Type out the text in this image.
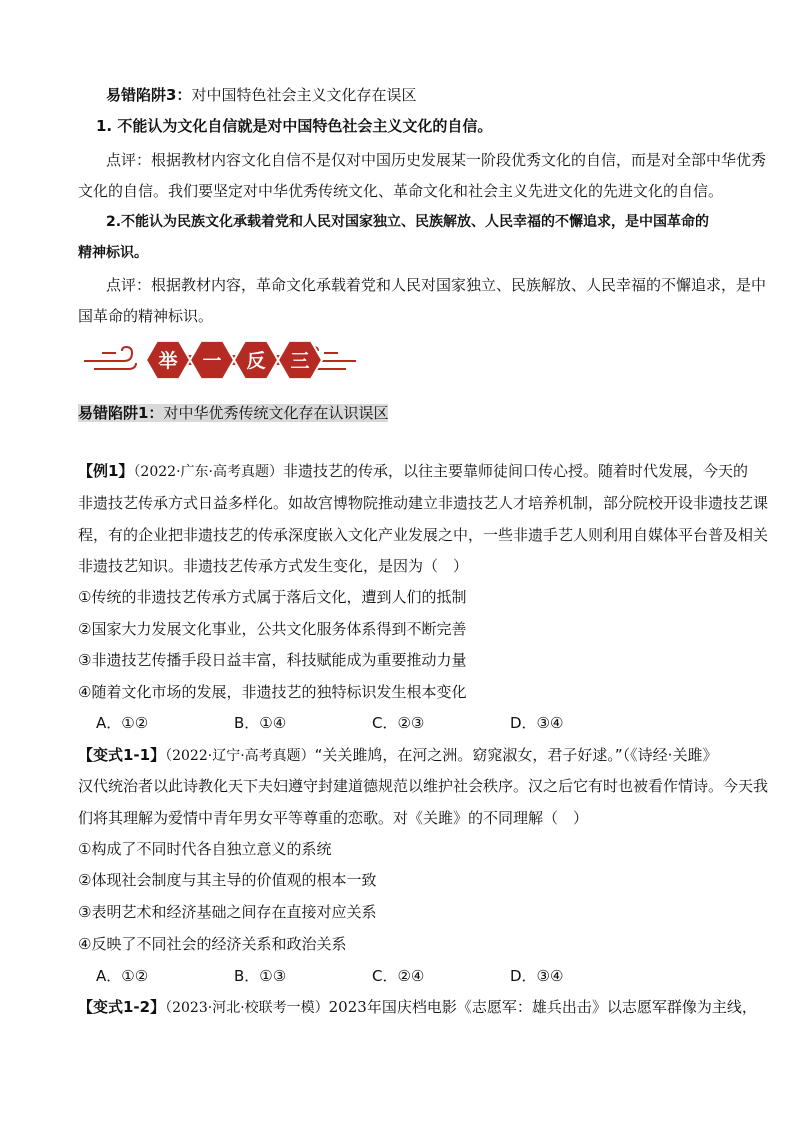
易错陷阱3：对中国特色社会主义文化存在误区
1. 不能认为文化自信就是对中国特色社会主义文化的自信。
点评：根据教材内容文化自信不是仅对中国历史发展某一阶段优秀文化的自信，而是对全部中华优秀
文化的自信。我们要坚定对中华优秀传统文化、革命文化和社会主义先进文化的先进文化的自信。
2.不能认为民族文化承载着党和人民对国家独立、民族解放、人民幸福的不懈追求，是中国革命的
精神标识。
点评：根据教材内容，革命文化承载着党和人民对国家独立、民族解放、人民幸福的不懈追求，是中
国革命的精神标识。
举 一 反 三
易错陷阱1：对中华优秀传统文化存在认识误区
【例1】（2022·广东·高考真题）非遗技艺的传承，以往主要靠师徒间口传心授。随着时代发展，今天的
非遗技艺传承方式日益多样化。如故宫博物院推动建立非遗技艺人才培养机制，部分院校开设非遗技艺课
程，有的企业把非遗技艺的传承深度嵌入文化产业发展之中，一些非遗手艺人则利用自媒体平台普及相关
非遗技艺知识。非遗技艺传承方式发生变化，是因为（　）
①传统的非遗技艺传承方式属于落后文化，遭到人们的抵制
②国家大力发展文化事业，公共文化服务体系得到不断完善
③非遗技艺传播手段日益丰富，科技赋能成为重要推动力量
④随着文化市场的发展，非遗技艺的独特标识发生根本变化
A．①②	B．①④	C．②③	D．③④
【变式1-1】（2022·辽宁·高考真题）“关关雎鸠，在河之洲。窈窕淑女，君子好逑。”（《诗经·关雎》
汉代统治者以此诗教化天下夫妇遵守封建道德规范以维护社会秩序。汉之后它有时也被看作情诗。今天我
们将其理解为爱情中青年男女平等尊重的恋歌。对《关雎》的不同理解（　）
①构成了不同时代各自独立意义的系统
②体现社会制度与其主导的价值观的根本一致
③表明艺术和经济基础之间存在直接对应关系
④反映了不同社会的经济关系和政治关系
A．①②	B．①③	C．②④	D．③④
【变式1-2】（2023·河北·校联考一模）2023年国庆档电影《志愿军：雄兵出击》以志愿军群像为主线，
